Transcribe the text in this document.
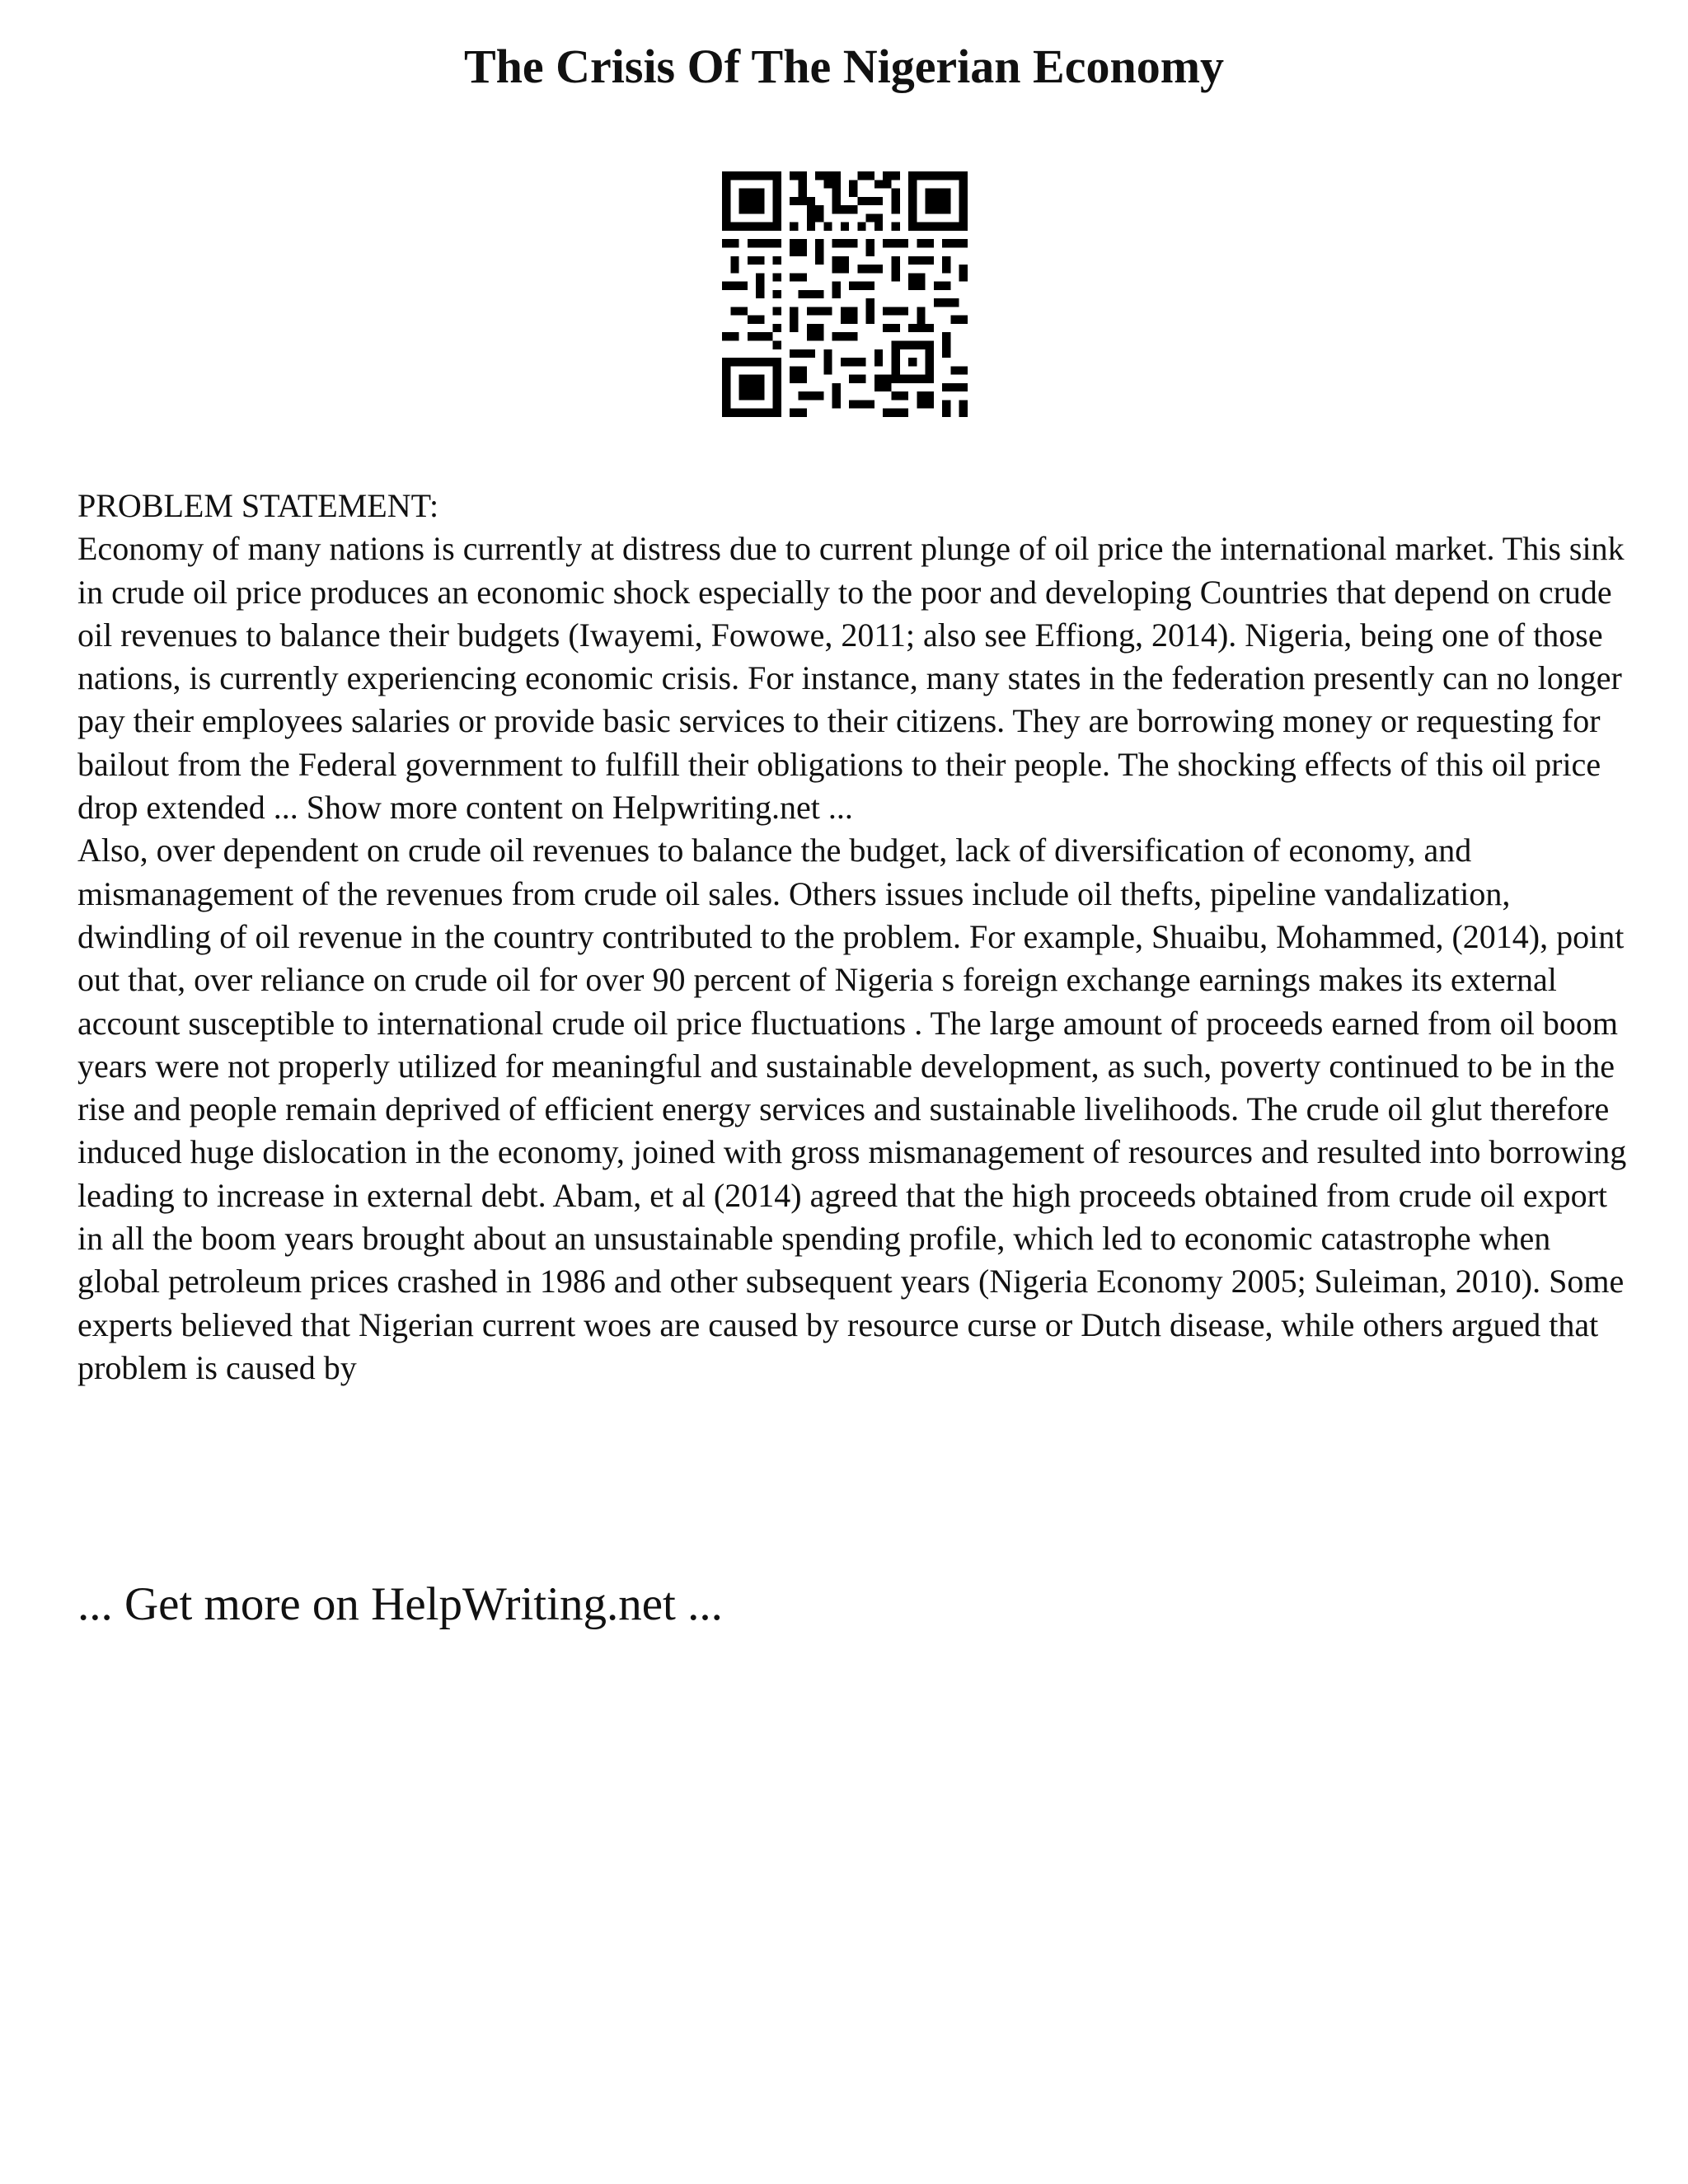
The Crisis Of The Nigerian Economy

PROBLEM STATEMENT:

Economy of many nations is currently at distress due to current plunge of oil price the international market. This sink in crude oil price produces an economic shock especially to the poor and developing Countries that depend on crude oil revenues to balance their budgets (Iwayemi, Fowowe, 2011; also see Effiong, 2014). Nigeria, being one of those nations, is currently experiencing economic crisis. For instance, many states in the federation presently can no longer pay their employees salaries or provide basic services to their citizens. They are borrowing money or requesting for bailout from the Federal government to fulfill their obligations to their people. The shocking effects of this oil price drop extended ... Show more content on Helpwriting.net ...

Also, over dependent on crude oil revenues to balance the budget, lack of diversification of economy, and mismanagement of the revenues from crude oil sales. Others issues include oil thefts, pipeline vandalization, dwindling of oil revenue in the country contributed to the problem. For example, Shuaibu, Mohammed, (2014), point out that, over reliance on crude oil for over 90 percent of Nigeria s foreign exchange earnings makes its external account susceptible to international crude oil price fluctuations . The large amount of proceeds earned from oil boom years were not properly utilized for meaningful and sustainable development, as such, poverty continued to be in the rise and people remain deprived of efficient energy services and sustainable livelihoods. The crude oil glut therefore induced huge dislocation in the economy, joined with gross mismanagement of resources and resulted into borrowing leading to increase in external debt. Abam, et al (2014) agreed that the high proceeds obtained from crude oil export in all the boom years brought about an unsustainable spending profile, which led to economic catastrophe when global petroleum prices crashed in 1986 and other subsequent years (Nigeria Economy 2005; Suleiman, 2010). Some experts believed that Nigerian current woes are caused by resource curse or Dutch disease, while others argued that problem is caused by

... Get more on HelpWriting.net ...
